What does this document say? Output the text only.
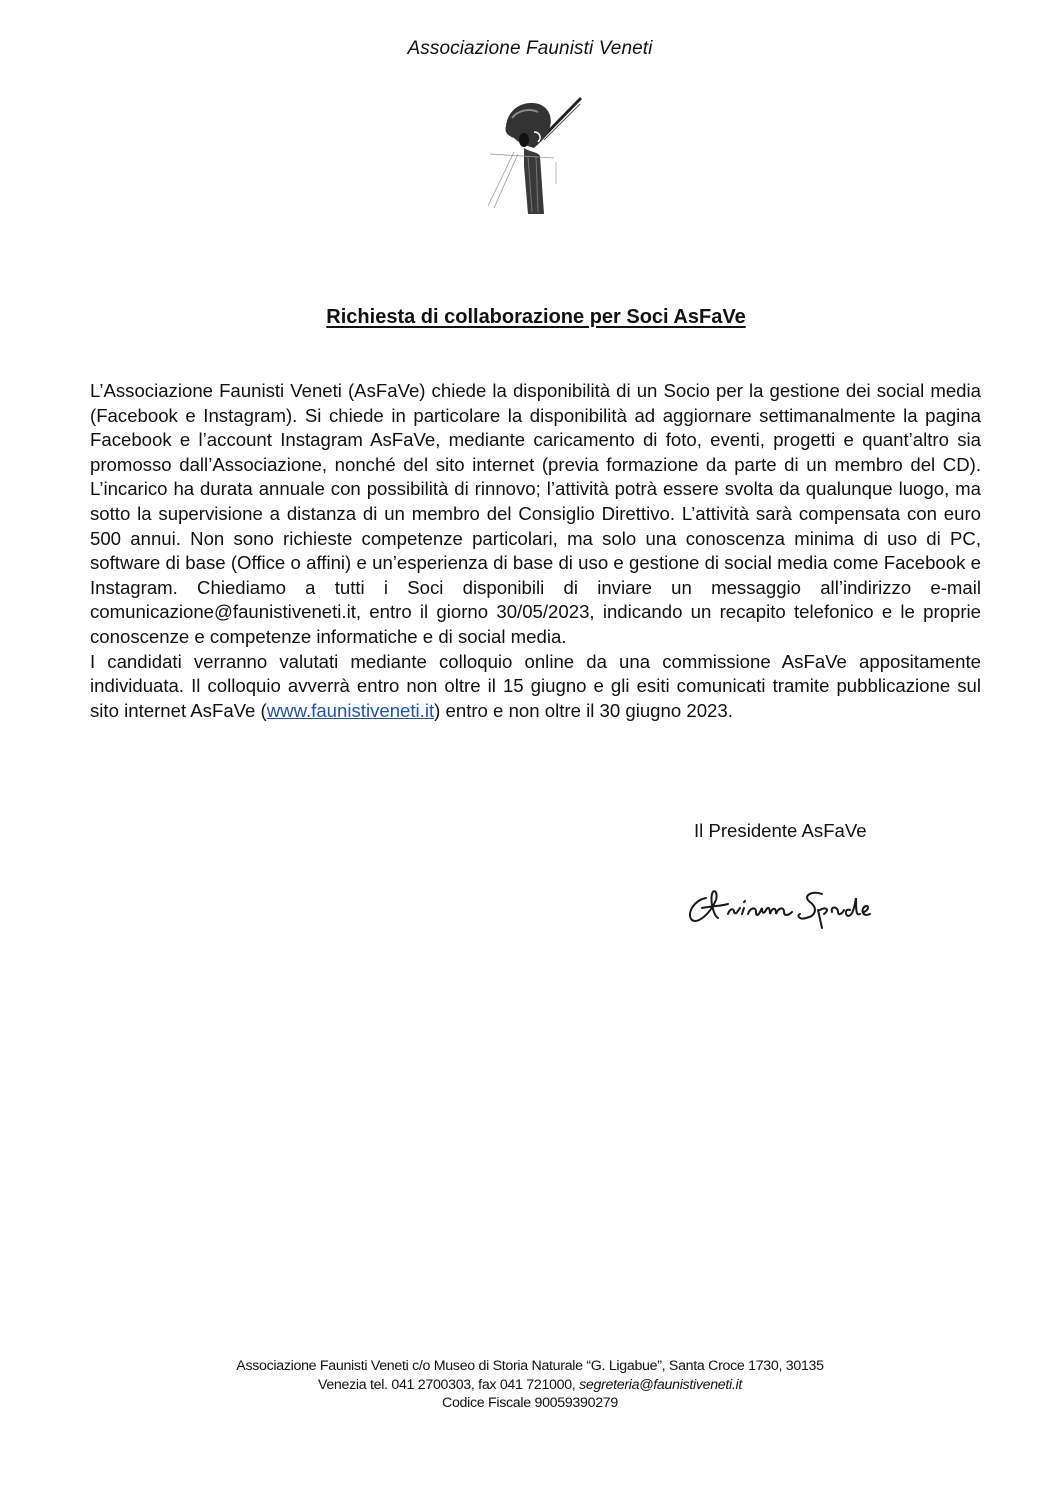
Associazione Faunisti Veneti
Richiesta di collaborazione per Soci AsFaVe

L’Associazione Faunisti Veneti (AsFaVe) chiede la disponibilità di un Socio per la gestione dei social media (Facebook e Instagram). Si chiede in particolare la disponibilità ad aggiornare settimanalmente la pagina Facebook e l’account Instagram AsFaVe, mediante caricamento di foto, eventi, progetti e quant’altro sia promosso dall’Associazione, nonché del sito internet (previa formazione da parte di un membro del CD). L’incarico ha durata annuale con possibilità di rinnovo; l’attività potrà essere svolta da qualunque luogo, ma sotto la supervisione a distanza di un membro del Consiglio Direttivo. L’attività sarà compensata con euro 500 annui. Non sono richieste competenze particolari, ma solo una conoscenza minima di uso di PC, software di base (Office o affini) e un’esperienza di base di uso e gestione di social media come Facebook e Instagram. Chiediamo a tutti i Soci disponibili di inviare un messaggio all’indirizzo e-mail comunicazione@faunistiveneti.it, entro il giorno 30/05/2023, indicando un recapito telefonico e le proprie conoscenze e competenze informatiche e di social media.

I candidati verranno valutati mediante colloquio online da una commissione AsFaVe appositamente individuata. Il colloquio avverrà entro non oltre il 15 giugno e gli esiti comunicati tramite pubblicazione sul sito internet AsFaVe (www.faunistiveneti.it) entro e non oltre il 30 giugno 2023.

Il Presidente AsFaVe
Associazione Faunisti Veneti c/o Museo di Storia Naturale “G. Ligabue”, Santa Croce 1730, 30135
Venezia tel. 041 2700303, fax 041 721000, segreteria@faunistiveneti.it
Codice Fiscale 90059390279
